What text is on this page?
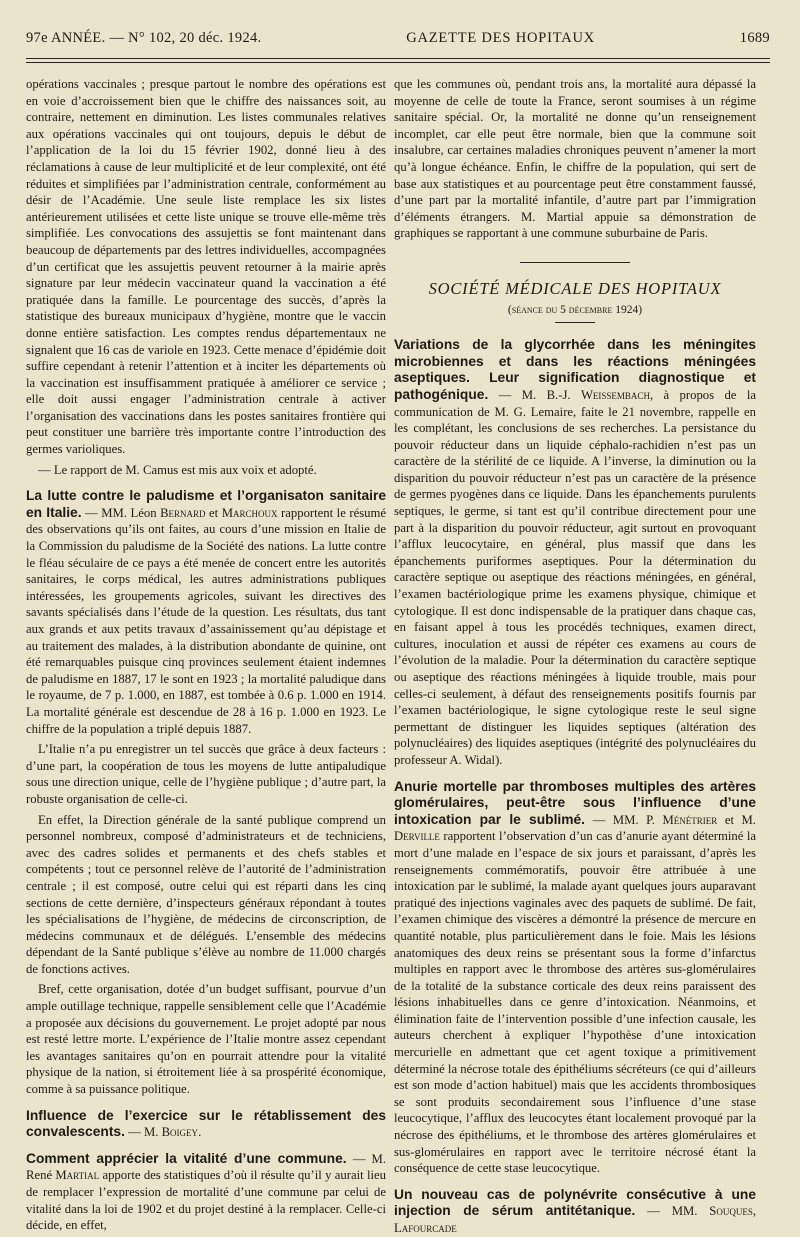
97e ANNÉE. — N° 102, 20 déc. 1924.	GAZETTE DES HOPITAUX	1689

opérations vaccinales ; presque partout le nombre des opérations est en voie d’accroissement bien que le chiffre des naissances soit, au contraire, nettement en diminution. Les listes communales relatives aux opérations vaccinales qui ont toujours, depuis le début de l’application de la loi du 15 février 1902, donné lieu à des réclamations à cause de leur multiplicité et de leur complexité, ont été réduites et simplifiées par l’administration centrale, conformément au désir de l’Académie. Une seule liste remplace les six listes antérieurement utilisées et cette liste unique se trouve elle-même très simplifiée. Les convocations des assujettis se font maintenant dans beaucoup de départements par des lettres individuelles, accompagnées d’un certificat que les assujettis peuvent retourner à la mairie après signature par leur médecin vaccinateur quand la vaccination a été pratiquée dans la famille. Le pourcentage des succès, d’après la statistique des bureaux municipaux d’hygiène, montre que le vaccin donne entière satisfaction. Les comptes rendus départementaux ne signalent que 16 cas de variole en 1923. Cette menace d’épidémie doit suffire cependant à retenir l’attention et à inciter les départements où la vaccination est insuffisamment pratiquée à améliorer ce service ; elle doit aussi engager l’administration centrale à activer l’organisation des vaccinations dans les postes sanitaires frontière qui peut constituer une barrière très importante contre l’introduction des germes varioliques.

— Le rapport de M. Camus est mis aux voix et adopté.

La lutte contre le paludisme et l’organisaton sanitaire en Italie. — MM. Léon Bernard et Marchoux rapportent le résumé des observations qu’ils ont faites, au cours d’une mission en Italie de la Commission du paludisme de la Société des nations. La lutte contre le fléau séculaire de ce pays a été menée de concert entre les autorités sanitaires, le corps médical, les autres administrations publiques intéressées, les groupements agricoles, suivant les directives des savants spécialisés dans l’étude de la question. Les résultats, dus tant aux grands et aux petits travaux d’assainissement qu’au dépistage et au traitement des malades, à la distribution abondante de quinine, ont été remarquables puisque cinq provinces seulement étaient indemnes de paludisme en 1887, 17 le sont en 1923 ; la mortalité paludique dans le royaume, de 7 p. 1.000, en 1887, est tombée à 0.6 p. 1.000 en 1914. La mortalité générale est descendue de 28 à 16 p. 1.000 en 1923. Le chiffre de la population a triplé depuis 1887.

L’Italie n’a pu enregistrer un tel succès que grâce à deux facteurs : d’une part, la coopération de tous les moyens de lutte antipaludique sous une direction unique, celle de l’hygiène publique ; d’autre part, la robuste organisation de celle-ci.

En effet, la Direction générale de la santé publique comprend un personnel nombreux, composé d’administrateurs et de techniciens, avec des cadres solides et permanents et des chefs stables et compétents ; tout ce personnel relève de l’autorité de l’administration centrale ; il est composé, outre celui qui est réparti dans les cinq sections de cette dernière, d’inspecteurs généraux répondant à toutes les spécialisations de l’hygiène, de médecins de circonscription, de médecins communaux et de délégués. L’ensemble des médecins dépendant de la Santé publique s’élève au nombre de 11.000 chargés de fonctions actives.

Bref, cette organisation, dotée d’un budget suffisant, pourvue d’un ample outillage technique, rappelle sensiblement celle que l’Académie a proposée aux décisions du gouvernement. Le projet adopté par nous est resté lettre morte. L’expérience de l’Italie montre assez cependant les avantages sanitaires qu’on en pourrait attendre pour la vitalité physique de la nation, si étroitement liée à sa prospérité économique, comme à sa puissance politique.

Influence de l’exercice sur le rétablissement des convalescents. — M. Boigey.

Comment apprécier la vitalité d’une commune. — M. René Martial apporte des statistiques d’où il résulte qu’il y aurait lieu de remplacer l’expression de mortalité d’une commune par celui de vitalité dans la loi de 1902 et du projet destiné à la remplacer. Celle-ci décide, en effet,

que les communes où, pendant trois ans, la mortalité aura dépassé la moyenne de celle de toute la France, seront soumises à un régime sanitaire spécial. Or, la mortalité ne donne qu’un renseignement incomplet, car elle peut être normale, bien que la commune soit insalubre, car certaines maladies chroniques peuvent n’amener la mort qu’à longue échéance. Enfin, le chiffre de la population, qui sert de base aux statistiques et au pourcentage peut être constamment faussé, d’une part par la mortalité infantile, d’autre part par l’immigration d’éléments étrangers. M. Martial appuie sa démonstration de graphiques se rapportant à une commune suburbaine de Paris.

SOCIÉTÉ MÉDICALE DES HOPITAUX

(séance du 5 décembre 1924)

Variations de la glycorrhée dans les méningites microbiennes et dans les réactions méningées aseptiques. Leur signification diagnostique et pathogénique. — M. B.-J. Weissembach, à propos de la communication de M. G. Lemaire, faite le 21 novembre, rappelle en les complétant, les conclusions de ses recherches. La persistance du pouvoir réducteur dans un liquide céphalo-rachidien n’est pas un caractère de la stérilité de ce liquide. A l’inverse, la diminution ou la disparition du pouvoir réducteur n’est pas un caractère de la présence de germes pyogènes dans ce liquide. Dans les épanchements purulents septiques, le germe, si tant est qu’il contribue directement pour une part à la disparition du pouvoir réducteur, agit surtout en provoquant l’afflux leucocytaire, en général, plus massif que dans les épanchements puriformes aseptiques. Pour la détermination du caractère septique ou aseptique des réactions méningées, en général, l’examen bactériologique prime les examens physique, chimique et cytologique. Il est donc indispensable de la pratiquer dans chaque cas, en faisant appel à tous les procédés techniques, examen direct, cultures, inoculation et aussi de répéter ces examens au cours de l’évolution de la maladie. Pour la détermination du caractère septique ou aseptique des réactions méningées à liquide trouble, mais pour celles-ci seulement, à défaut des renseignements positifs fournis par l’examen bactériologique, le signe cytologique reste le seul signe permettant de distinguer les liquides septiques (altération des polynucléaires) des liquides aseptiques (intégrité des polynucléaires du professeur A. Widal).

Anurie mortelle par thromboses multiples des artères glomérulaires, peut-être sous l’influence d’une intoxication par le sublimé. — MM. P. Ménétrier et M. Derville rapportent l’observation d’un cas d’anurie ayant déterminé la mort d’une malade en l’espace de six jours et paraissant, d’après les renseignements commémoratifs, pouvoir être attribuée à une intoxication par le sublimé, la malade ayant quelques jours auparavant pratiqué des injections vaginales avec des paquets de sublimé. De fait, l’examen chimique des viscères a démontré la présence de mercure en quantité notable, plus particulièrement dans le foie. Mais les lésions anatomiques des deux reins se présentant sous la forme d’infarctus multiples en rapport avec le thrombose des artères sus-glomérulaires de la totalité de la substance corticale des deux reins paraissent des lésions inhabituelles dans ce genre d’intoxication. Néanmoins, et élimination faite de l’intervention possible d’une infection causale, les auteurs cherchent à expliquer l’hypothèse d’une intoxication mercurielle en admettant que cet agent toxique a primitivement déterminé la nécrose totale des épithéliums sécréteurs (ce qui d’ailleurs est son mode d’action habituel) mais que les accidents thrombosiques se sont produits secondairement sous l’influence d’une stase leucocytique, l’afflux des leucocytes étant localement provoqué par la nécrose des épithéliums, et le thrombose des artères glomérulaires et sus-glomérulaires en rapport avec le territoire nécrosé étant la conséquence de cette stase leucocytique.

Un nouveau cas de polynévrite consécutive à une injection de sérum antitétanique. — MM. Souques, Lafourcade
